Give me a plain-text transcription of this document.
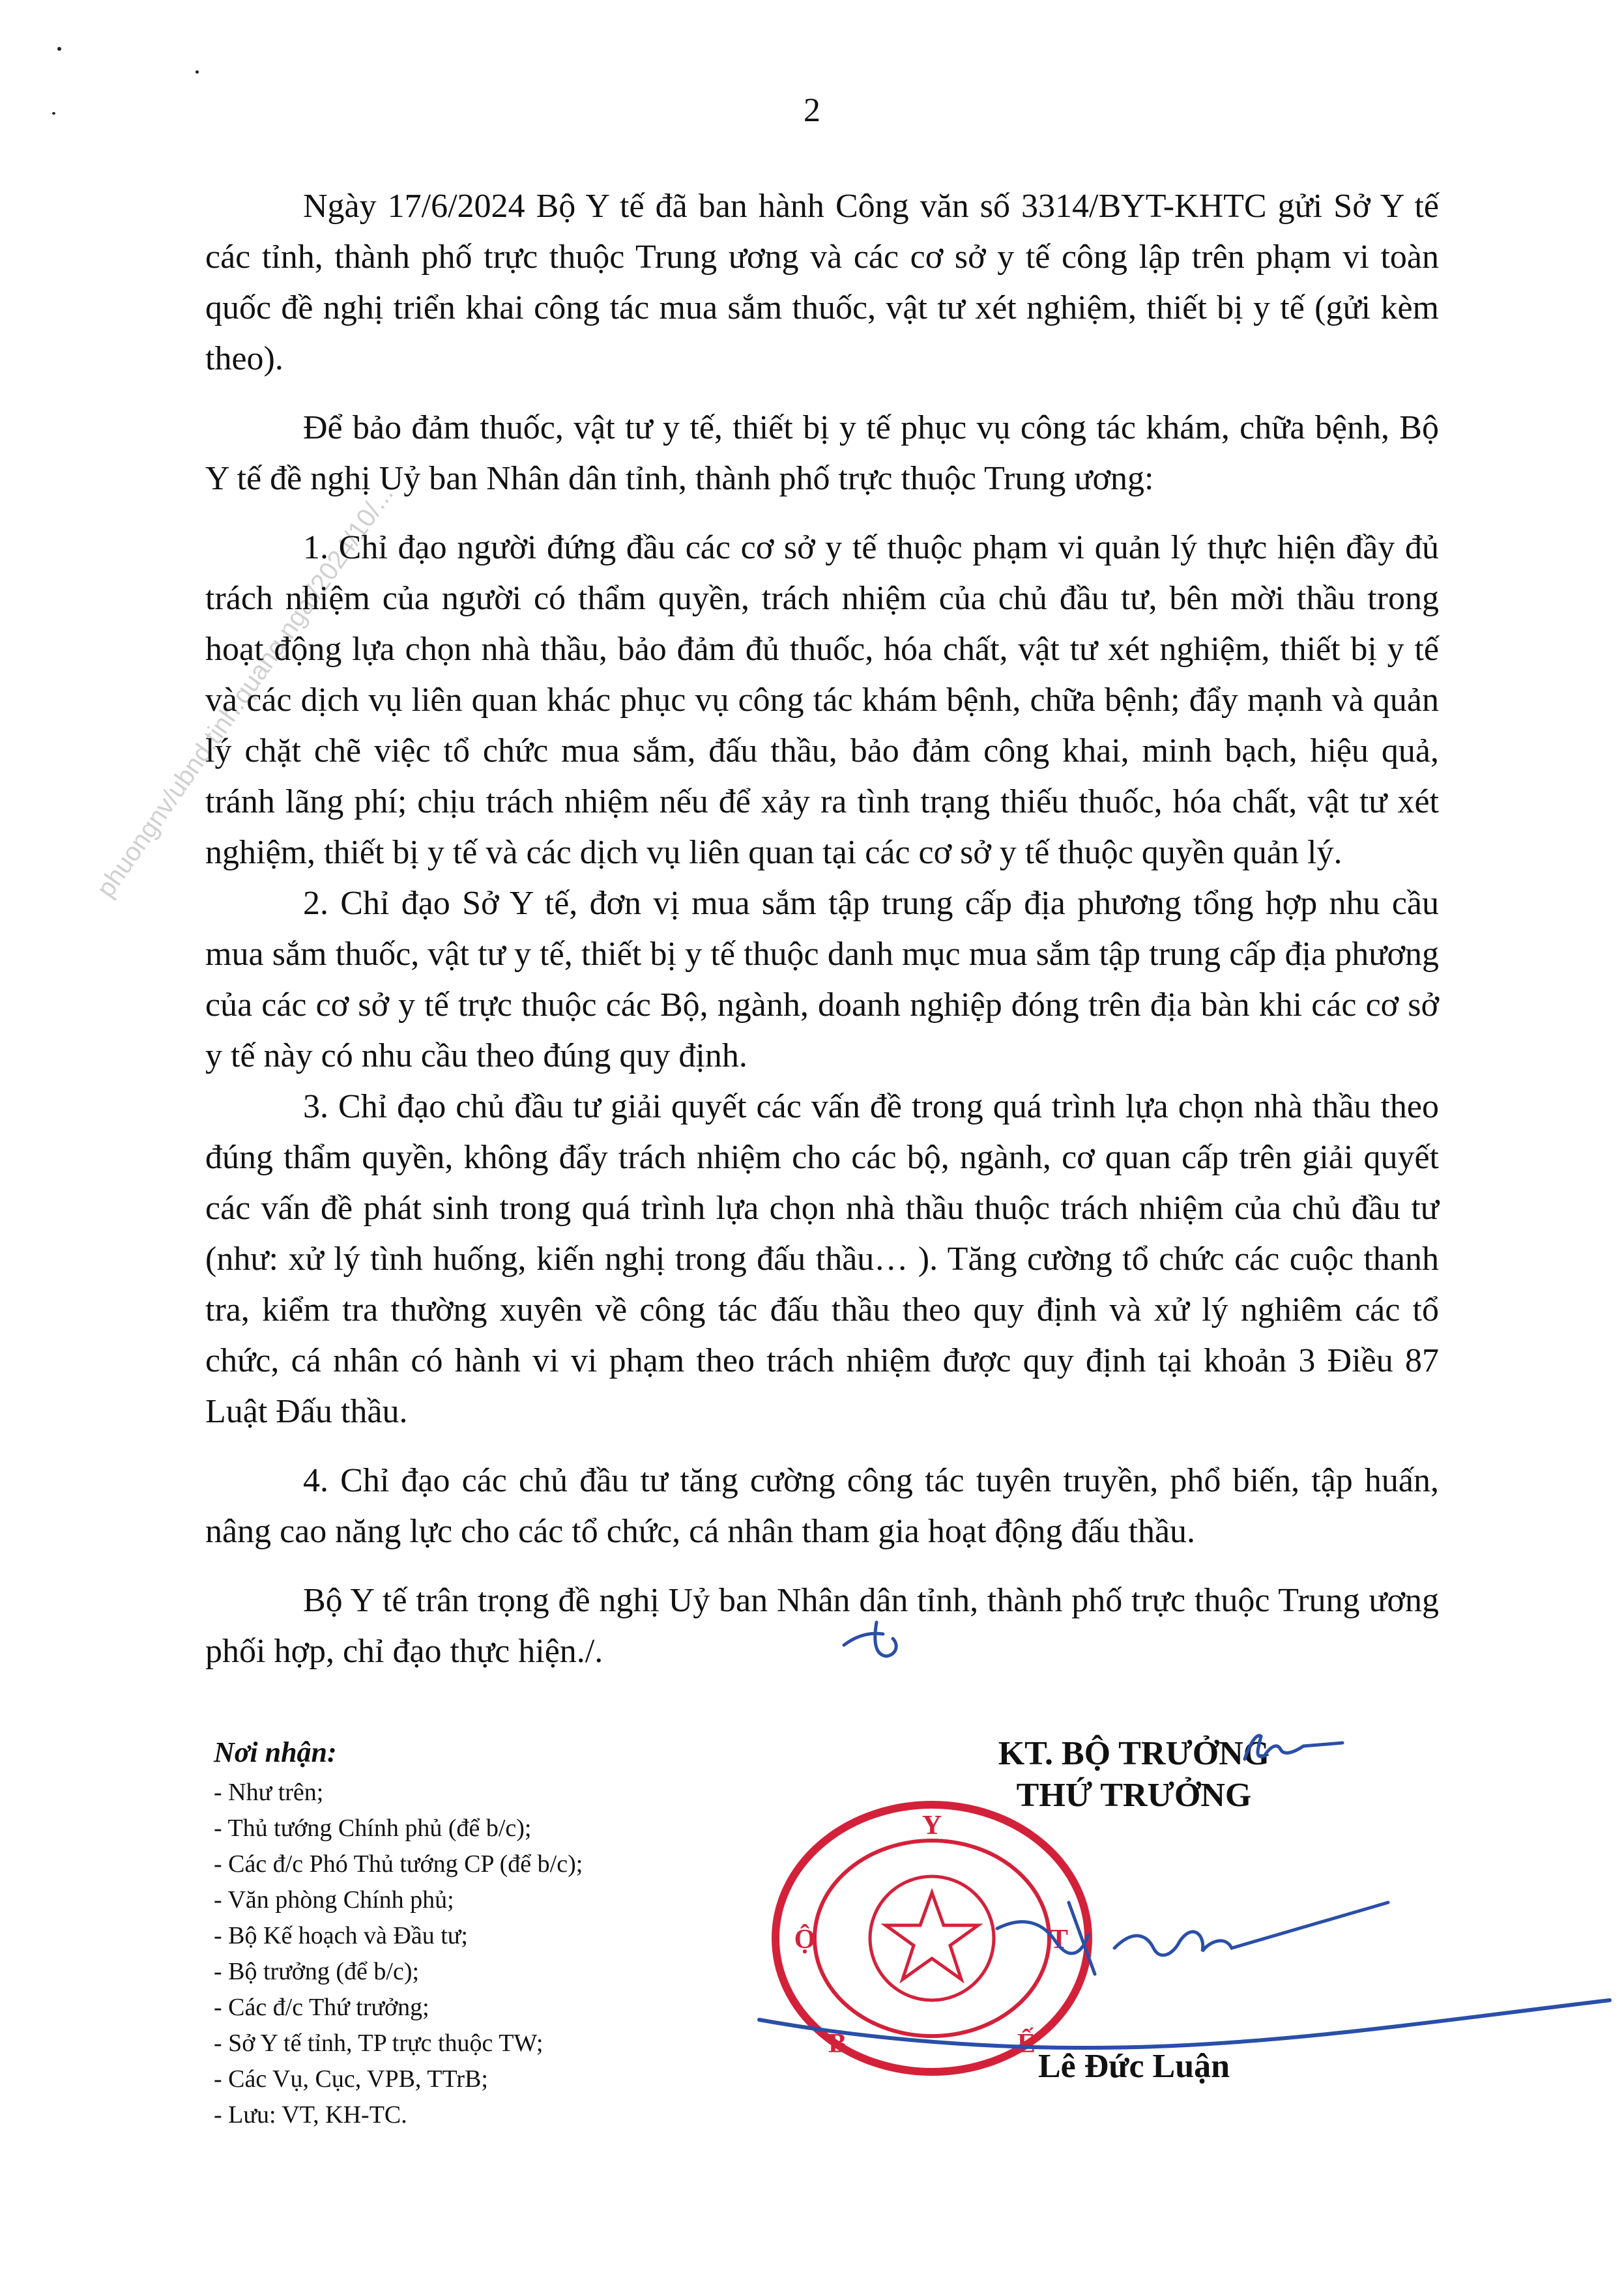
2
phuongnv/ubnd.tinh.quang.ngai/2024/10/...

Ngày 17/6/2024 Bộ Y tế đã ban hành Công văn số 3314/BYT-KHTC gửi Sở Y tế các tỉnh, thành phố trực thuộc Trung ương và các cơ sở y tế công lập trên phạm vi toàn quốc đề nghị triển khai công tác mua sắm thuốc, vật tư xét nghiệm, thiết bị y tế (gửi kèm theo).

Để bảo đảm thuốc, vật tư y tế, thiết bị y tế phục vụ công tác khám, chữa bệnh, Bộ Y tế đề nghị Uỷ ban Nhân dân tỉnh, thành phố trực thuộc Trung ương:

1. Chỉ đạo người đứng đầu các cơ sở y tế thuộc phạm vi quản lý thực hiện đầy đủ trách nhiệm của người có thẩm quyền, trách nhiệm của chủ đầu tư, bên mời thầu trong hoạt động lựa chọn nhà thầu, bảo đảm đủ thuốc, hóa chất, vật tư xét nghiệm, thiết bị y tế và các dịch vụ liên quan khác phục vụ công tác khám bệnh, chữa bệnh; đẩy mạnh và quản lý chặt chẽ việc tổ chức mua sắm, đấu thầu, bảo đảm công khai, minh bạch, hiệu quả, tránh lãng phí; chịu trách nhiệm nếu để xảy ra tình trạng thiếu thuốc, hóa chất, vật tư xét nghiệm, thiết bị y tế và các dịch vụ liên quan tại các cơ sở y tế thuộc quyền quản lý.

2. Chỉ đạo Sở Y tế, đơn vị mua sắm tập trung cấp địa phương tổng hợp nhu cầu mua sắm thuốc, vật tư y tế, thiết bị y tế thuộc danh mục mua sắm tập trung cấp địa phương của các cơ sở y tế trực thuộc các Bộ, ngành, doanh nghiệp đóng trên địa bàn khi các cơ sở y tế này có nhu cầu theo đúng quy định.

3. Chỉ đạo chủ đầu tư giải quyết các vấn đề trong quá trình lựa chọn nhà thầu theo đúng thẩm quyền, không đẩy trách nhiệm cho các bộ, ngành, cơ quan cấp trên giải quyết các vấn đề phát sinh trong quá trình lựa chọn nhà thầu thuộc trách nhiệm của chủ đầu tư (như: xử lý tình huống, kiến nghị trong đấu thầu… ). Tăng cường tổ chức các cuộc thanh tra, kiểm tra thường xuyên về công tác đấu thầu theo quy định và xử lý nghiêm các tổ chức, cá nhân có hành vi vi phạm theo trách nhiệm được quy định tại khoản 3 Điều 87 Luật Đấu thầu.

4. Chỉ đạo các chủ đầu tư tăng cường công tác tuyên truyền, phổ biến, tập huấn, nâng cao năng lực cho các tổ chức, cá nhân tham gia hoạt động đấu thầu.

Bộ Y tế trân trọng đề nghị Uỷ ban Nhân dân tỉnh, thành phố trực thuộc Trung ương phối hợp, chỉ đạo thực hiện./.

Nơi nhận:
- Như trên;
- Thủ tướng Chính phủ (để b/c);
- Các đ/c Phó Thủ tướng CP (để b/c);
- Văn phòng Chính phủ;
- Bộ Kế hoạch và Đầu tư;
- Bộ trưởng (để b/c);
- Các đ/c Thứ trưởng;
- Sở Y tế tỉnh, TP trực thuộc TW;
- Các Vụ, Cục, VPB, TTrB;
- Lưu: VT, KH-TC.
KT. BỘ TRƯỞNG
THỨ TRƯỞNG
Y
Ộ	T
B	Ế
Lê Đức Luận
